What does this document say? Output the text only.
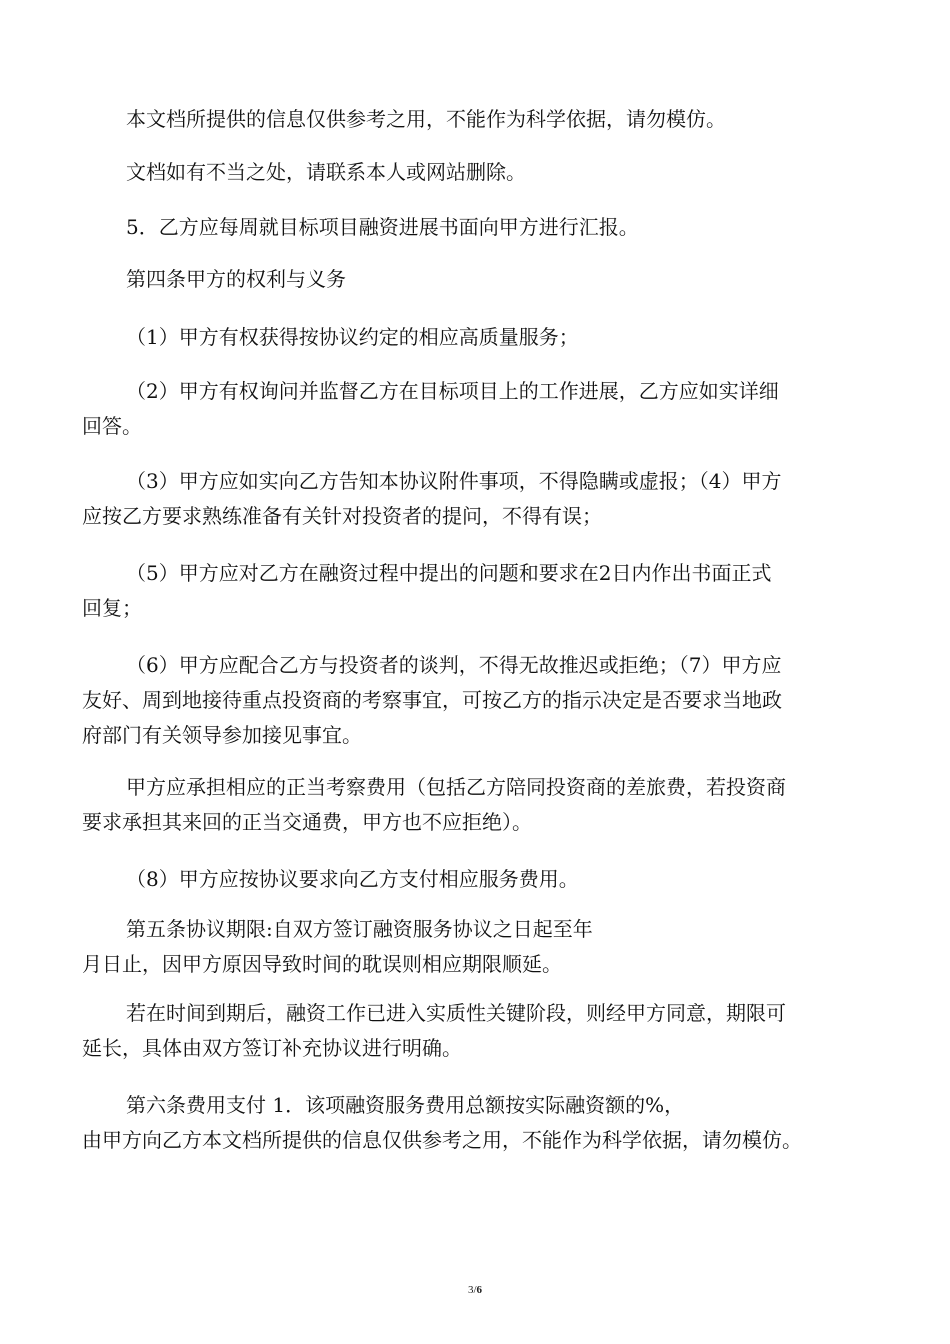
本文档所提供的信息仅供参考之用，不能作为科学依据，请勿模仿。

文档如有不当之处，请联系本人或网站删除。

5．乙方应每周就目标项目融资进展书面向甲方进行汇报。

第四条甲方的权利与义务

（1）甲方有权获得按协议约定的相应高质量服务；

（2）甲方有权询问并监督乙方在目标项目上的工作进展，乙方应如实详细
回答。

（3）甲方应如实向乙方告知本协议附件事项，不得隐瞒或虚报；（4）甲方
应按乙方要求熟练准备有关针对投资者的提问，不得有误；

（5）甲方应对乙方在融资过程中提出的问题和要求在2日内作出书面正式
回复；

（6）甲方应配合乙方与投资者的谈判，不得无故推迟或拒绝；（7）甲方应
友好、周到地接待重点投资商的考察事宜，可按乙方的指示决定是否要求当地政
府部门有关领导参加接见事宜。

甲方应承担相应的正当考察费用（包括乙方陪同投资商的差旅费，若投资商
要求承担其来回的正当交通费，甲方也不应拒绝）。

（8）甲方应按协议要求向乙方支付相应服务费用。

第五条协议期限:自双方签订融资服务协议之日起至年
月日止，因甲方原因导致时间的耽误则相应期限顺延。

若在时间到期后，融资工作已进入实质性关键阶段，则经甲方同意，期限可
延长，具体由双方签订补充协议进行明确。

第六条费用支付 1．该项融资服务费用总额按实际融资额的%，
由甲方向乙方本文档所提供的信息仅供参考之用，不能作为科学依据，请勿模仿。

3/6
